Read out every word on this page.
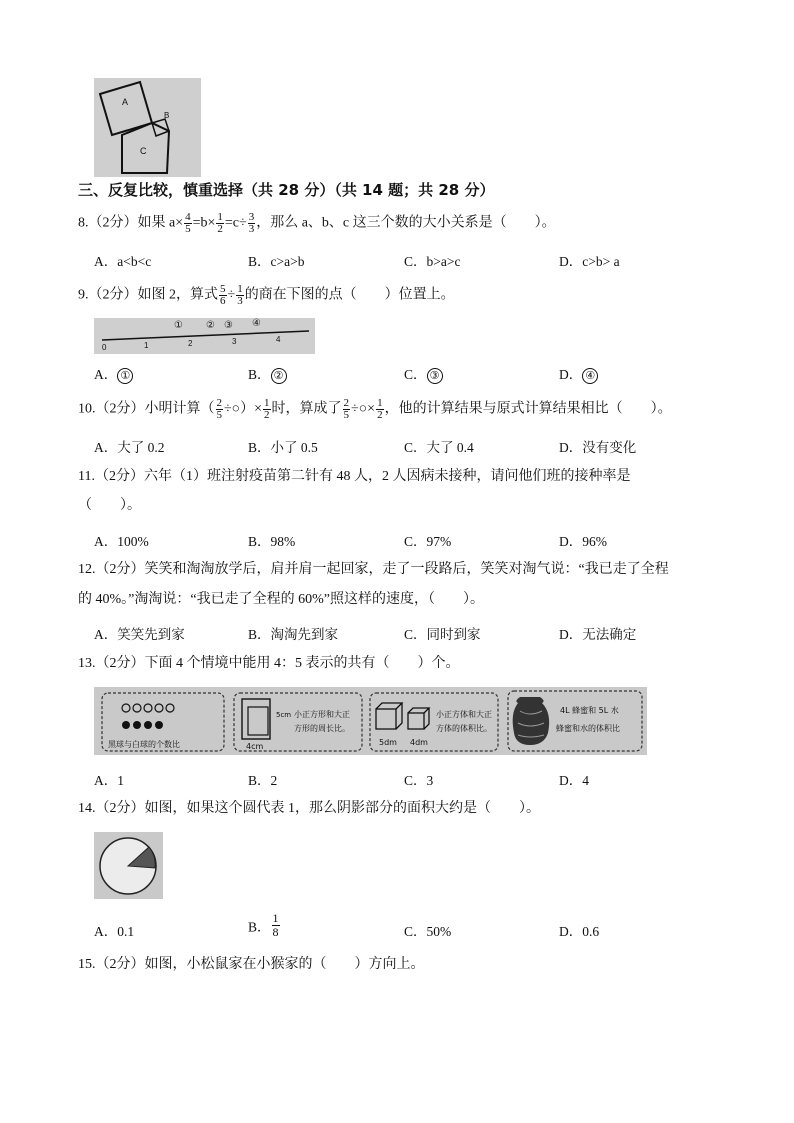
A
B
C
三、反复比较，慎重选择（共 28 分）（共 14 题；共 28 分）
8.（2分）如果 $a\times \frac{4}{5} =b\times \frac{1}{2} =c\div \frac{3}{3}$ ，那么 a、b、c 这三个数的大小关系是（　　）。
A．a<b<c	B．c>a>b	C．b>a>c	D．c>b> a
9.（2分）如图 2，算式 $\frac{5}{6} \div \frac{1}{3}$ 的商在下图的点（　　）位置上。
0	1	2	3	4
① ② ③ ④
A． ①	B． ②	C． ③	D． ④
10.（2分）小明计算（ $\frac{2}{5}$ ÷○）× $\frac{1}{2}$ 时，算成了 $\frac{2}{5}$ ÷○× $\frac{1}{2}$ ，他的计算结果与原式计算结果相比（　　）。
A．大了 0.2	B．小了 0.5	C．大了 0.4	D．没有变化
11.（2分）六年（1）班注射疫苗第二针有 48 人，2 人因病未接种，请问他们班的接种率是
（　　）。
A．100%	B．98%	C．97%	D．96%
12.（2分）笑笑和淘淘放学后，肩并肩一起回家，走了一段路后，笑笑对淘气说：“我已走了全程
的 40%。”淘淘说：“我已走了全程的 60%”照这样的速度，（　　）。
A．笑笑先到家	B．淘淘先到家	C．同时到家	D．无法确定
13.（2分）下面 4 个情境中能用 4：5 表示的共有（　　）个。
黑球与白球的个数比	4cm
5cm 小正方形和大正
方形的周长比。
5dm 4dm
小正方体和大正
方体的体积比。
4L 蜂蜜和 5L 水
蜂蜜和水的体积比
A．1	B．2	C．3	D．4
14.（2分）如图，如果这个圆代表 1，那么阴影部分的面积大约是（　　）。
A．0.1	B． $\frac{1}{8}$	C．50%	D．0.6
15.（2分）如图，小松鼠家在小猴家的（　　）方向上。
